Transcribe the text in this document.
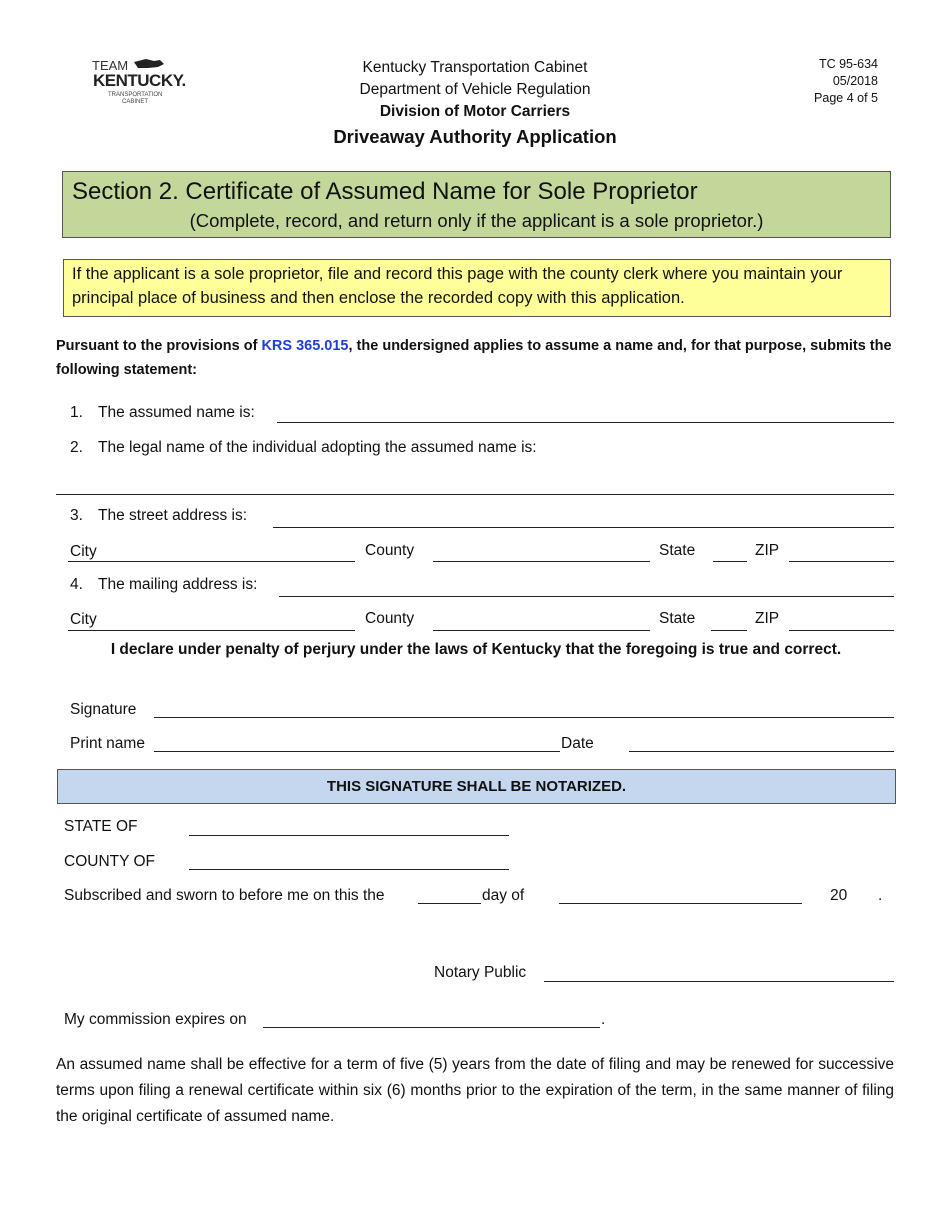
TEAM
KENTUCKY.
TRANSPORTATION
CABINET
Kentucky Transportation Cabinet
Department of Vehicle Regulation
Division of Motor Carriers
Driveaway Authority Application
TC 95-634
05/2018
Page 4 of 5
Section 2. Certificate of Assumed Name for Sole Proprietor
(Complete, record, and return only if the applicant is a sole proprietor.)
If the applicant is a sole proprietor, file and record this page with the county clerk where you maintain your principal place of business and then enclose the recorded copy with this application.
Pursuant to the provisions of KRS 365.015, the undersigned applies to assume a name and, for that purpose, submits the following statement:
1. The assumed name is:
2. The legal name of the individual adopting the assumed name is:
3. The street address is:
City	County	State	ZIP
4. The mailing address is:
City	County	State	ZIP
I declare under penalty of perjury under the laws of Kentucky that the foregoing is true and correct.
Signature
Print name	Date
THIS SIGNATURE SHALL BE NOTARIZED.
STATE OF
COUNTY OF
Subscribed and sworn to before me on this the	day of	20 .
Notary Public
My commission expires on	.
An assumed name shall be effective for a term of five (5) years from the date of filing and may be renewed for successive terms upon filing a renewal certificate within six (6) months prior to the expiration of the term, in the same manner of filing the original certificate of assumed name.
